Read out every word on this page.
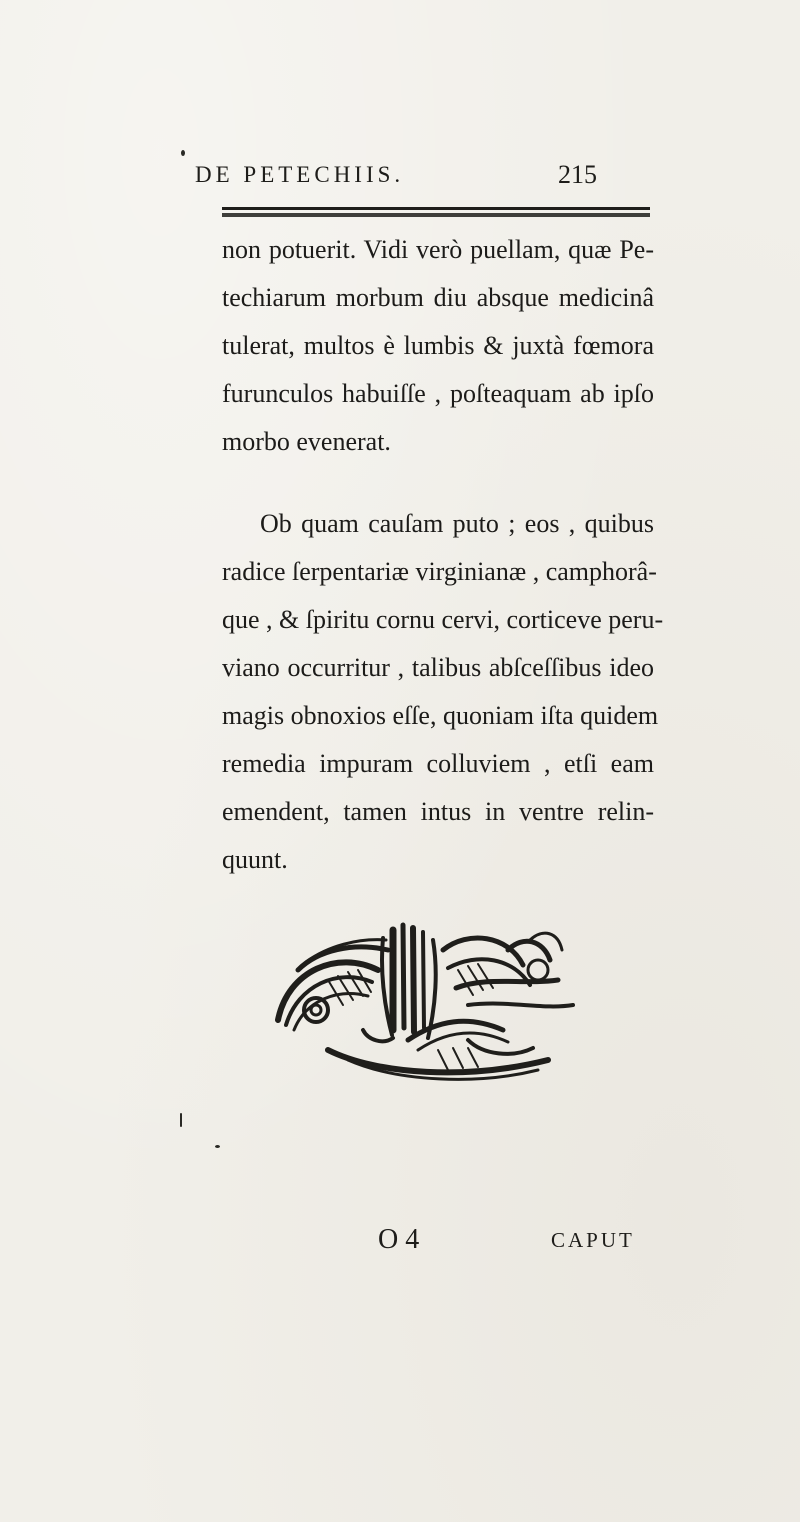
DE PETECHIIS.	215
non potuerit. Vidi verò puellam, quæ Pe-
techiarum morbum diu absque medicinâ
tulerat, multos è lumbis & juxtà fœmora
furunculos habuiſſe , poſteaquam ab ipſo
morbo evenerat.
Ob quam cauſam puto ; eos , quibus
radice ſerpentariæ virginianæ , camphorâ-
que , & ſpiritu cornu cervi, corticeve peru-
viano occurritur , talibus abſceſſibus ideo
magis obnoxios eſſe, quoniam iſta quidem
remedia impuram colluviem , etſi eam
emendent, tamen intus in ventre relin-
quunt.
O 4	CAPUT
